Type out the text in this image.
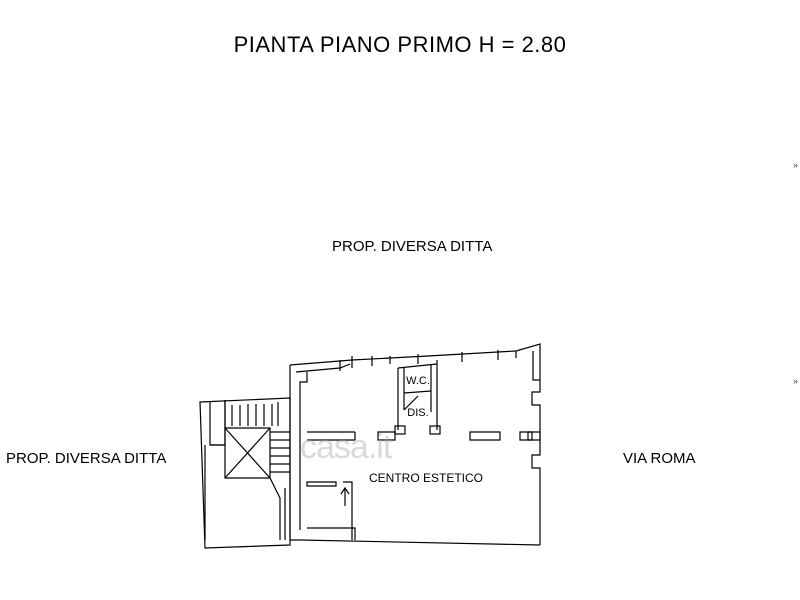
PIANTA PIANO PRIMO H = 2.80
PROP. DIVERSA DITTA
PROP. DIVERSA DITTA	VIA ROMA
»
»
W.C.
DIS.
CENTRO ESTETICO
casa.it
